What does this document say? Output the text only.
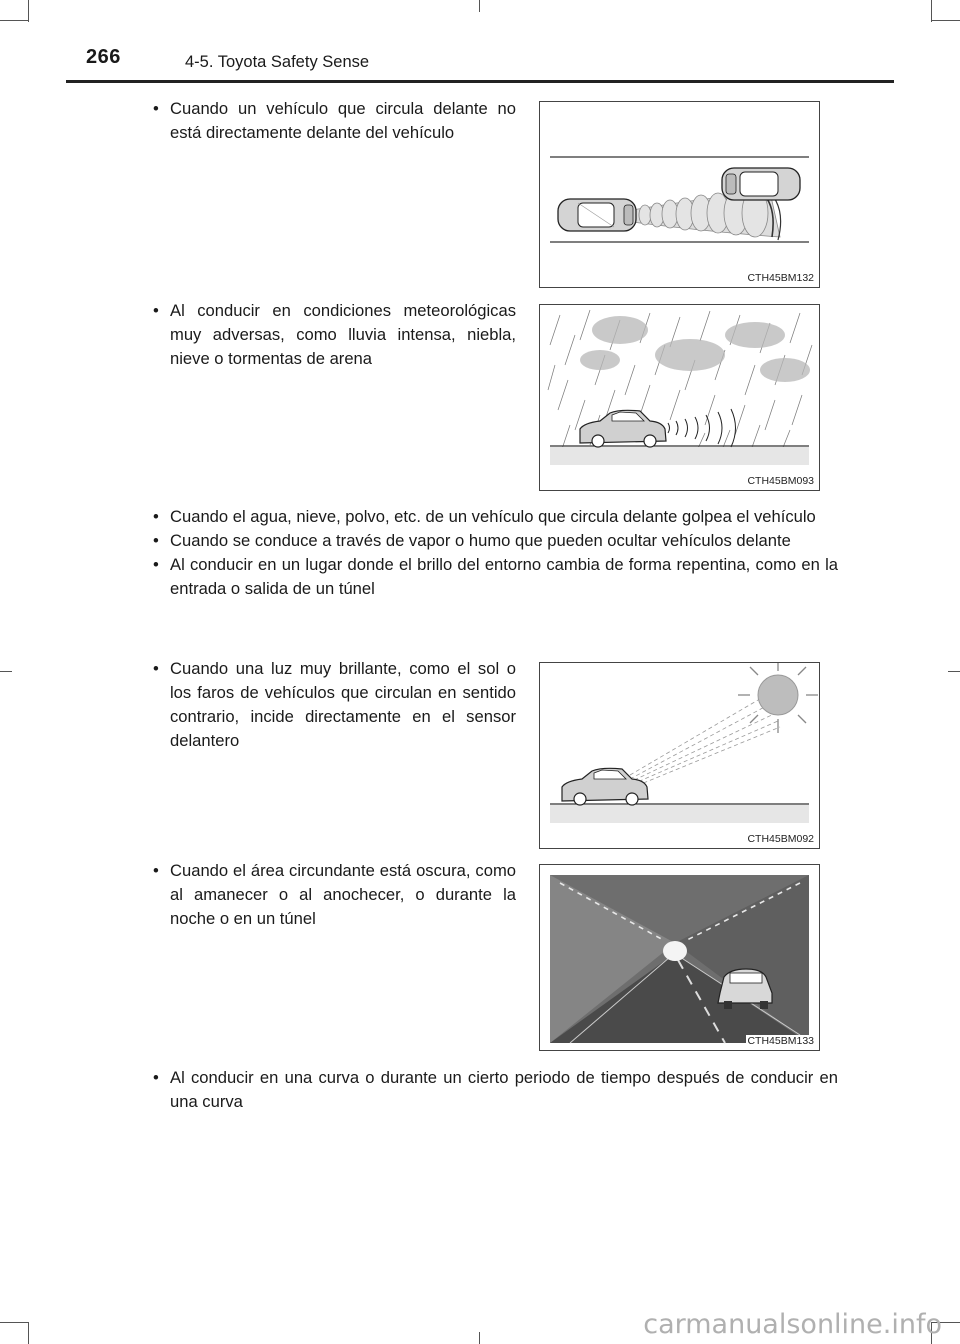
266	4-5. Toyota Safety Sense
• Cuando un vehículo que circula delante no está directamente delante del vehículo
• Al conducir en condiciones meteorológicas muy adversas, como lluvia intensa, niebla, nieve o tormentas de arena
• Cuando el agua, nieve, polvo, etc. de un vehículo que circula delante golpea el vehículo
• Cuando se conduce a través de vapor o humo que pueden ocultar vehículos delante
• Al conducir en un lugar donde el brillo del entorno cambia de forma repentina, como en la entrada o salida de un túnel
• Cuando una luz muy brillante, como el sol o los faros de vehículos que circulan en sentido contrario, incide directamente en el sensor delantero
• Cuando el área circundante está oscura, como al amanecer o al anochecer, o durante la noche o en un túnel
• Al conducir en una curva o durante un cierto periodo de tiempo después de conducir en una curva
CTH45BM132
CTH45BM093
CTH45BM092
CTH45BM133
carmanualsonline.info
